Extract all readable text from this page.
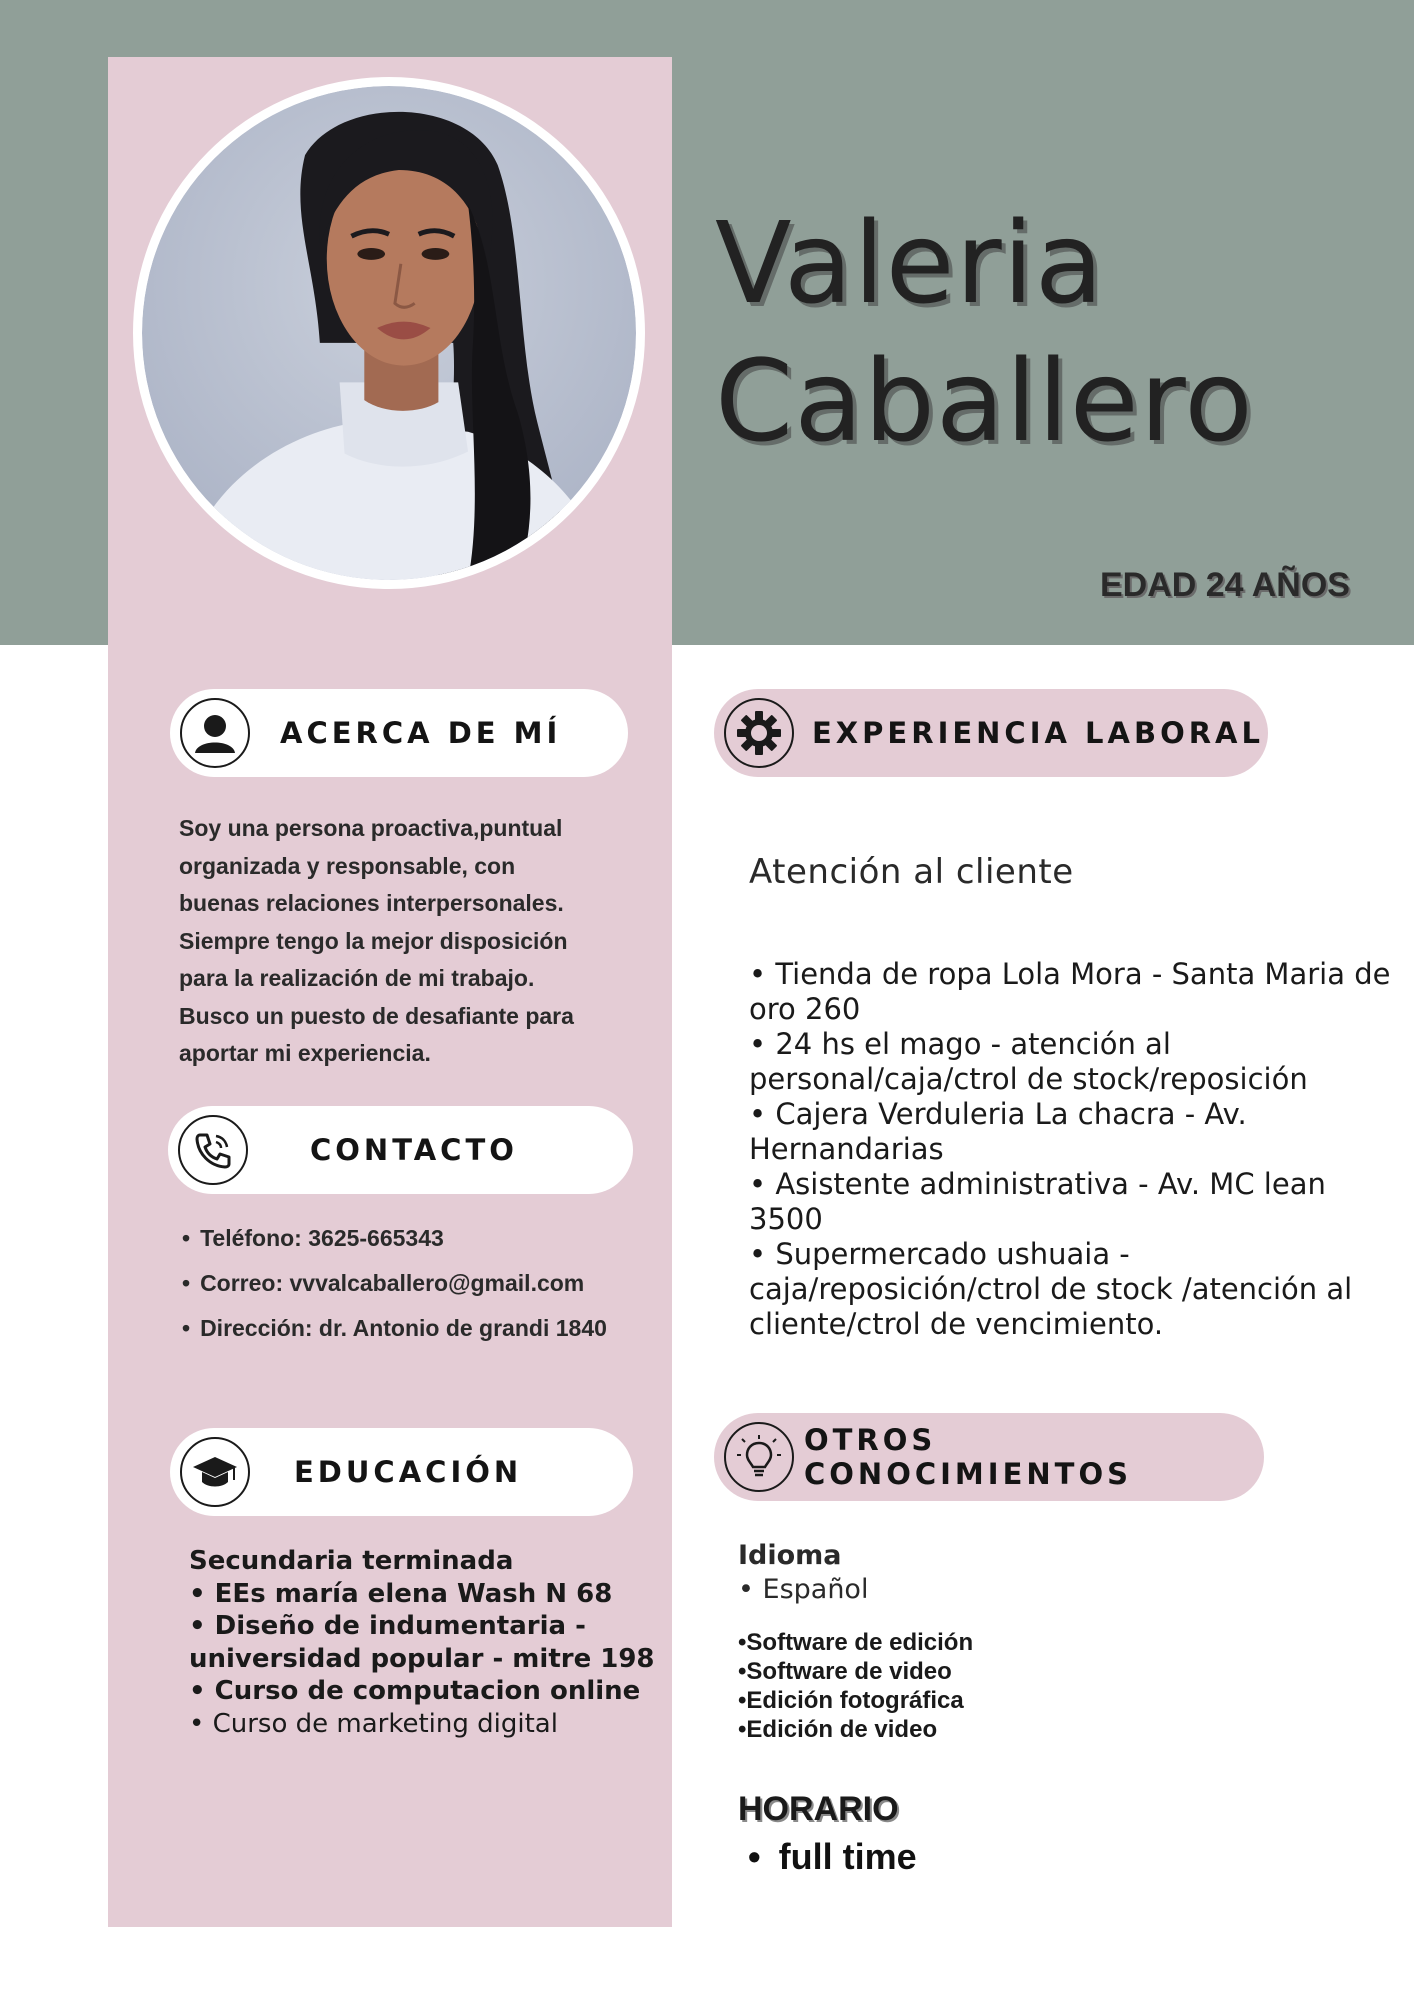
Valeria
Caballero
EDAD 24 AÑOS
ACERCA DE MÍ
Soy una persona proactiva,puntual
organizada y responsable, con
buenas relaciones interpersonales.
Siempre tengo la mejor disposición
para la realización de mi trabajo.
Busco un puesto de desafiante para
aportar mi experiencia.
CONTACTO
• Teléfono: 3625-665343
• Correo: vvvalcaballero@gmail.com
• Dirección: dr. Antonio de grandi 1840
EDUCACIÓN
Secundaria terminada
• EEs maría elena Wash N 68
• Diseño de indumentaria -
universidad popular - mitre 198
• Curso de computacion online
• Curso de marketing digital
EXPERIENCIA LABORAL
Atención al cliente
• Tienda de ropa Lola Mora - Santa Maria de
oro 260
• 24 hs el mago - atención al
personal/caja/ctrol de stock/reposición
• Cajera Verduleria La chacra - Av.
Hernandarias
• Asistente administrativa - Av. MC lean
3500
• Supermercado ushuaia -
caja/reposición/ctrol de stock /atención al
cliente/ctrol de vencimiento.
OTROS CONOCIMIENTOS
Idioma
• Español
•Software de edición
•Software de video
•Edición fotográfica
•Edición de video
HORARIO
• full time
